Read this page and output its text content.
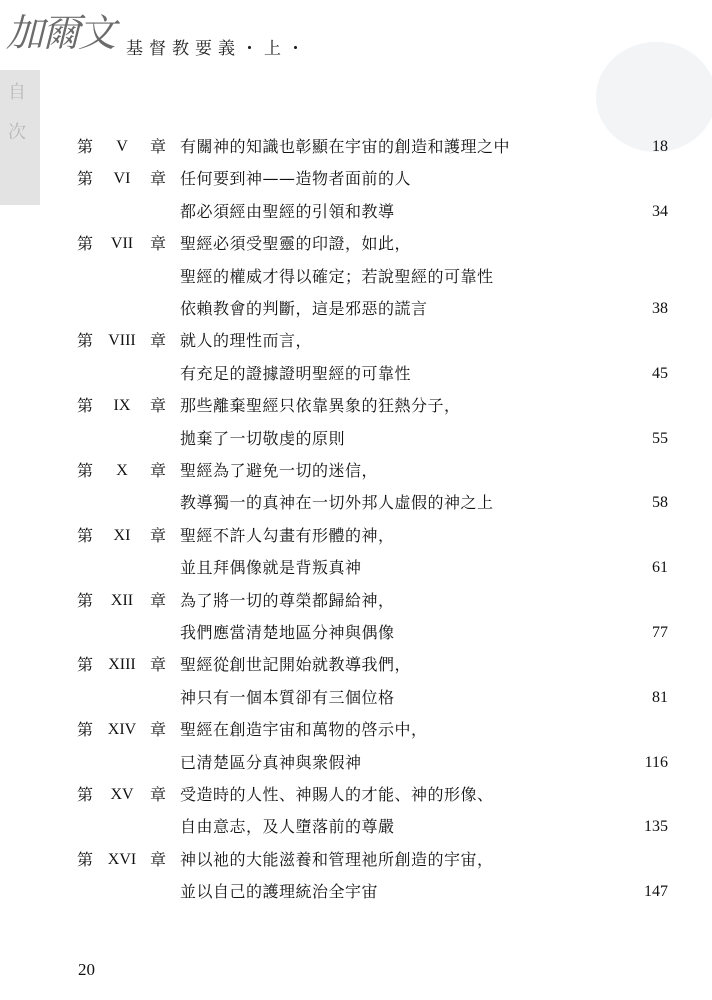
加爾文 基督教要義・上・
自
次
第	V	章 有關神的知識也彰顯在宇宙的創造和護理之中	18
第	VI	章 任何要到神——造物者面前的人
都必須經由聖經的引領和教導	34
第	VII	章 聖經必須受聖靈的印證，如此，
聖經的權威才得以確定；若說聖經的可靠性
依賴教會的判斷，這是邪惡的謊言	38
第 VIII 章 就人的理性而言，
有充足的證據證明聖經的可靠性	45
第	IX	章 那些離棄聖經只依靠異象的狂熱分子，
拋棄了一切敬虔的原則	55
第	X	章 聖經為了避免一切的迷信，
教導獨一的真神在一切外邦人虛假的神之上	58
第	XI	章 聖經不許人勾畫有形體的神，
並且拜偶像就是背叛真神	61
第	XII	章 為了將一切的尊榮都歸給神，
我們應當清楚地區分神與偶像	77
第 XIII 章 聖經從創世記開始就教導我們，
神只有一個本質卻有三個位格	81
第 XIV 章 聖經在創造宇宙和萬物的啓示中，
已清楚區分真神與衆假神	116
第	XV	章 受造時的人性、神賜人的才能、神的形像、
自由意志，及人墮落前的尊嚴	135
第 XVI 章 神以祂的大能滋養和管理祂所創造的宇宙，
並以自己的護理統治全宇宙	147
20
